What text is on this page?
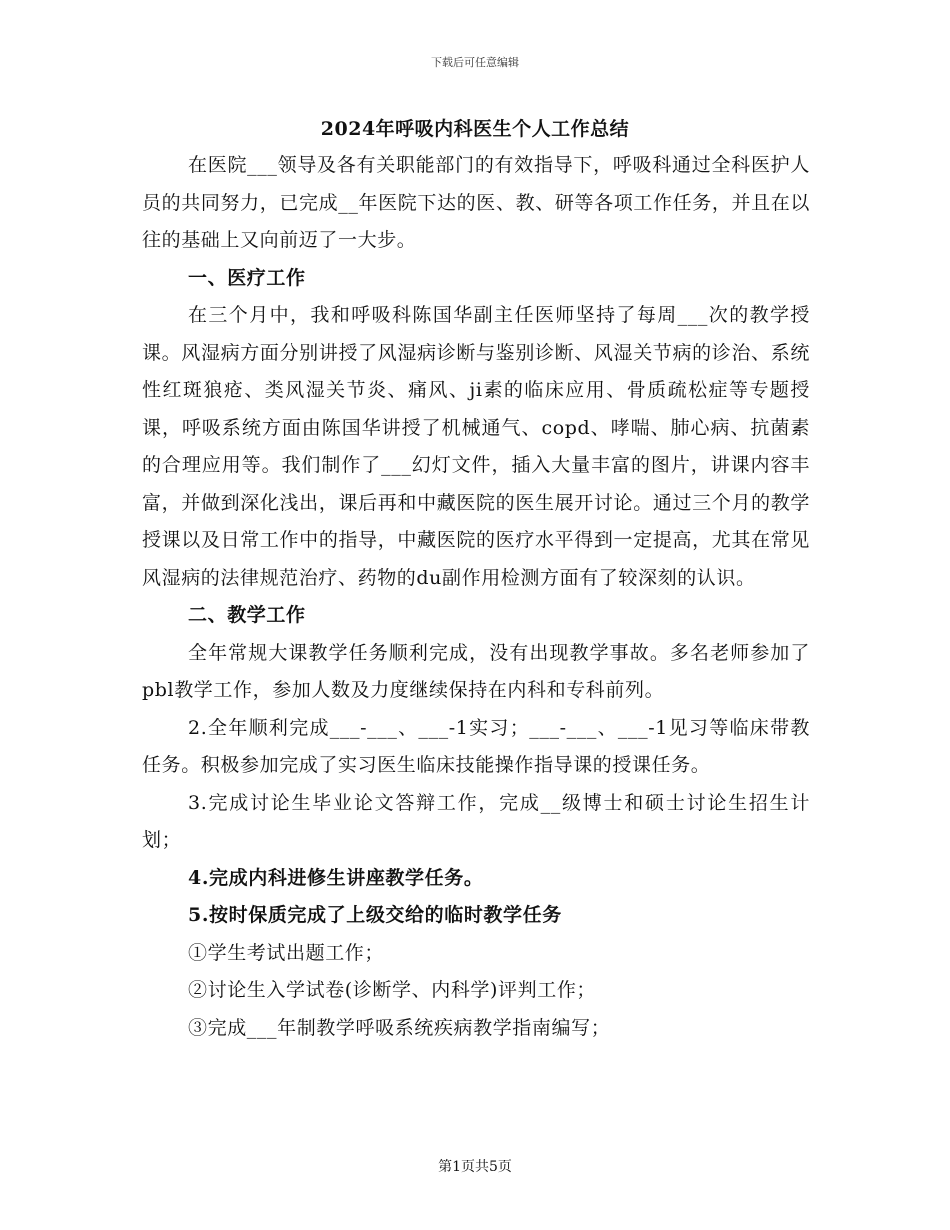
下载后可任意编辑
2024年呼吸内科医生个人工作总结

在医院___领导及各有关职能部门的有效指导下，呼吸科通过全科医护人员的共同努力，已完成__年医院下达的医、教、研等各项工作任务，并且在以往的基础上又向前迈了一大步。

一、医疗工作

在三个月中，我和呼吸科陈国华副主任医师坚持了每周___次的教学授课。风湿病方面分别讲授了风湿病诊断与鉴别诊断、风湿关节病的诊治、系统性红斑狼疮、类风湿关节炎、痛风、ji素的临床应用、骨质疏松症等专题授课，呼吸系统方面由陈国华讲授了机械通气、copd、哮喘、肺心病、抗菌素的合理应用等。我们制作了___幻灯文件，插入大量丰富的图片，讲课内容丰富，并做到深化浅出，课后再和中藏医院的医生展开讨论。通过三个月的教学授课以及日常工作中的指导，中藏医院的医疗水平得到一定提高，尤其在常见风湿病的法律规范治疗、药物的du副作用检测方面有了较深刻的认识。

二、教学工作

全年常规大课教学任务顺利完成，没有出现教学事故。多名老师参加了pbl教学工作，参加人数及力度继续保持在内科和专科前列。

2.全年顺利完成___-___、___-1实习；___-___、___-1见习等临床带教任务。积极参加完成了实习医生临床技能操作指导课的授课任务。

3.完成讨论生毕业论文答辩工作，完成__级博士和硕士讨论生招生计划；

4.完成内科进修生讲座教学任务。

5.按时保质完成了上级交给的临时教学任务

①学生考试出题工作；

②讨论生入学试卷(诊断学、内科学)评判工作；

③完成___年制教学呼吸系统疾病教学指南编写；

第1页共5页
